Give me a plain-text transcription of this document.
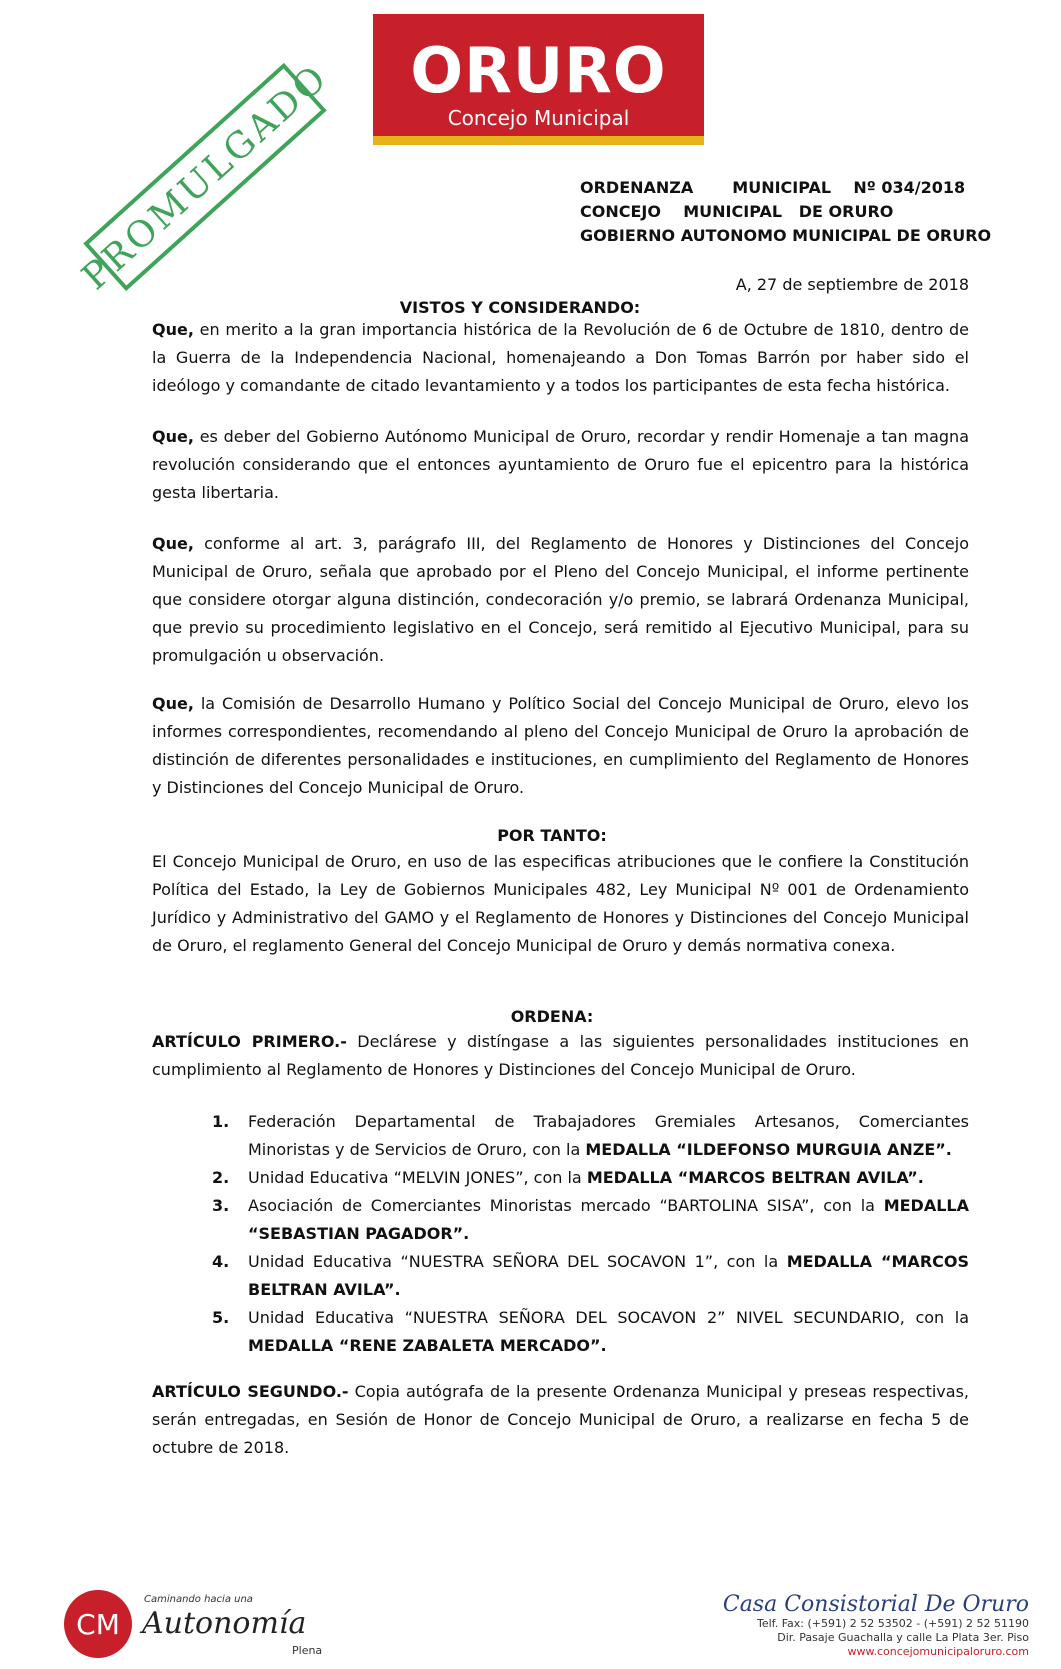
ORURO
Concejo Municipal
PROMULGADO	ORDENANZA       MUNICIPAL    Nº 034/2018
CONCEJO    MUNICIPAL   DE ORURO
GOBIERNO AUTONOMO MUNICIPAL DE ORURO
A, 27 de septiembre de 2018
VISTOS Y CONSIDERANDO:

Que, en merito a la gran importancia histórica de la Revolución de 6 de Octubre de 1810, dentro de la Guerra de la Independencia Nacional, homenajeando a Don Tomas Barrón por haber sido el ideólogo y comandante de citado levantamiento y a todos los participantes de esta fecha histórica.

Que, es deber del Gobierno Autónomo Municipal de Oruro, recordar y rendir Homenaje a tan magna revolución considerando que el entonces ayuntamiento de Oruro fue el epicentro para la histórica gesta libertaria.

Que, conforme al art. 3, parágrafo III, del Reglamento de Honores y Distinciones del Concejo Municipal de Oruro, señala que aprobado por el Pleno del Concejo Municipal, el informe pertinente que considere otorgar alguna distinción, condecoración y/o premio, se labrará Ordenanza Municipal, que previo su procedimiento legislativo en el Concejo, será remitido al Ejecutivo Municipal, para su promulgación u observación.

Que, la Comisión de Desarrollo Humano y Político Social del Concejo Municipal de Oruro, elevo los informes correspondientes, recomendando al pleno del Concejo Municipal de Oruro la aprobación de distinción de diferentes personalidades e instituciones, en cumplimiento del Reglamento de Honores y Distinciones del Concejo Municipal de Oruro.

POR TANTO:

El Concejo Municipal de Oruro, en uso de las especificas atribuciones que le confiere la Constitución Política del Estado, la Ley de Gobiernos Municipales 482, Ley Municipal Nº 001 de Ordenamiento Jurídico y Administrativo del GAMO y el Reglamento de Honores y Distinciones del Concejo Municipal de Oruro, el reglamento General del Concejo Municipal de Oruro y demás normativa conexa.

ORDENA:

ARTÍCULO PRIMERO.- Declárese y distíngase a las siguientes personalidades instituciones en cumplimiento al Reglamento de Honores y Distinciones del Concejo Municipal de Oruro.

1. Federación Departamental de Trabajadores Gremiales Artesanos, Comerciantes Minoristas y de Servicios de Oruro, con la MEDALLA “ILDEFONSO MURGUIA ANZE”.
2. Unidad Educativa “MELVIN JONES”, con la MEDALLA “MARCOS BELTRAN AVILA”.
3. Asociación de Comerciantes Minoristas mercado “BARTOLINA SISA”, con la MEDALLA “SEBASTIAN PAGADOR”.
4. Unidad Educativa “NUESTRA SEÑORA DEL SOCAVON 1”, con la MEDALLA “MARCOS BELTRAN AVILA”.
5. Unidad Educativa “NUESTRA SEÑORA DEL SOCAVON 2” NIVEL SECUNDARIO, con la MEDALLA “RENE ZABALETA MERCADO”.

ARTÍCULO SEGUNDO.- Copia autógrafa de la presente Ordenanza Municipal y preseas respectivas, serán entregadas, en Sesión de Honor de Concejo Municipal de Oruro, a realizarse en fecha 5 de octubre de 2018.

CM
Caminando hacia una
Autonomía
Plena
Casa Consistorial De Oruro
Telf. Fax: (+591) 2 52 53502 - (+591) 2 52 51190
Dir. Pasaje Guachalla y calle La Plata 3er. Piso
www.concejomunicipaloruro.com
